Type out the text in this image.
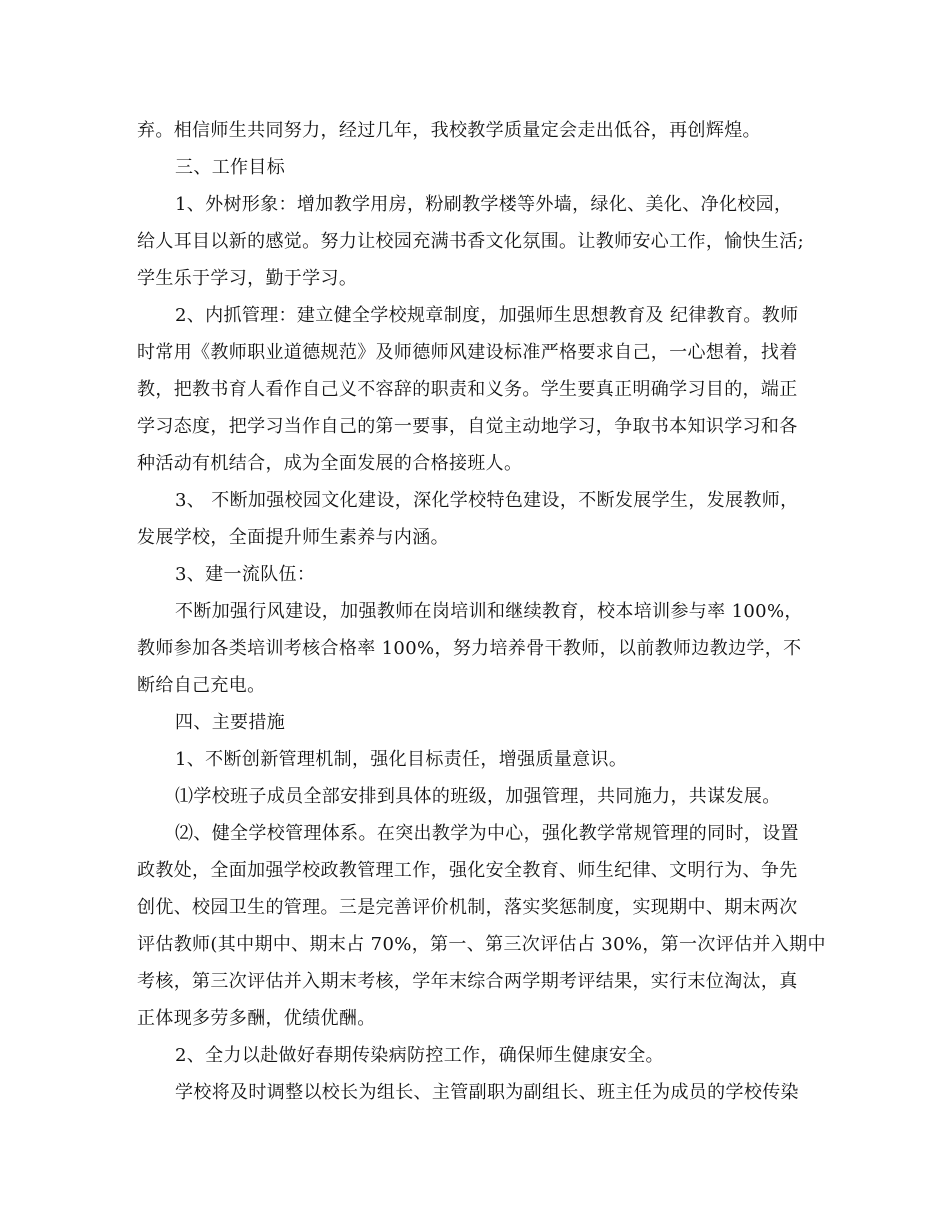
弃。相信师生共同努力，经过几年，我校教学质量定会走出低谷，再创辉煌。
三、工作目标
1、外树形象：增加教学用房，粉刷教学楼等外墙，绿化、美化、净化校园，
给人耳目以新的感觉。努力让校园充满书香文化氛围。让教师安心工作，愉快生活;
学生乐于学习，勤于学习。
2、内抓管理：建立健全学校规章制度，加强师生思想教育及 纪律教育。教师
时常用《教师职业道德规范》及师德师风建设标准严格要求自己，一心想着，找着
教，把教书育人看作自己义不容辞的职责和义务。学生要真正明确学习目的，端正
学习态度，把学习当作自己的第一要事，自觉主动地学习，争取书本知识学习和各
种活动有机结合，成为全面发展的合格接班人。
3、 不断加强校园文化建设，深化学校特色建设，不断发展学生，发展教师，
发展学校，全面提升师生素养与内涵。
3、建一流队伍：
不断加强行风建设，加强教师在岗培训和继续教育，校本培训参与率 100%，
教师参加各类培训考核合格率 100%，努力培养骨干教师，以前教师边教边学，不
断给自己充电。
四、主要措施
1、不断创新管理机制，强化目标责任，增强质量意识。
⑴学校班子成员全部安排到具体的班级，加强管理，共同施力，共谋发展。
⑵、健全学校管理体系。在突出教学为中心，强化教学常规管理的同时，设置
政教处，全面加强学校政教管理工作，强化安全教育、师生纪律、文明行为、争先
创优、校园卫生的管理。三是完善评价机制，落实奖惩制度，实现期中、期末两次
评估教师(其中期中、期末占 70%，第一、第三次评估占 30%，第一次评估并入期中
考核，第三次评估并入期末考核，学年末综合两学期考评结果，实行末位淘汰，真
正体现多劳多酬，优绩优酬。
2、全力以赴做好春期传染病防控工作，确保师生健康安全。
学校将及时调整以校长为组长、主管副职为副组长、班主任为成员的学校传染
